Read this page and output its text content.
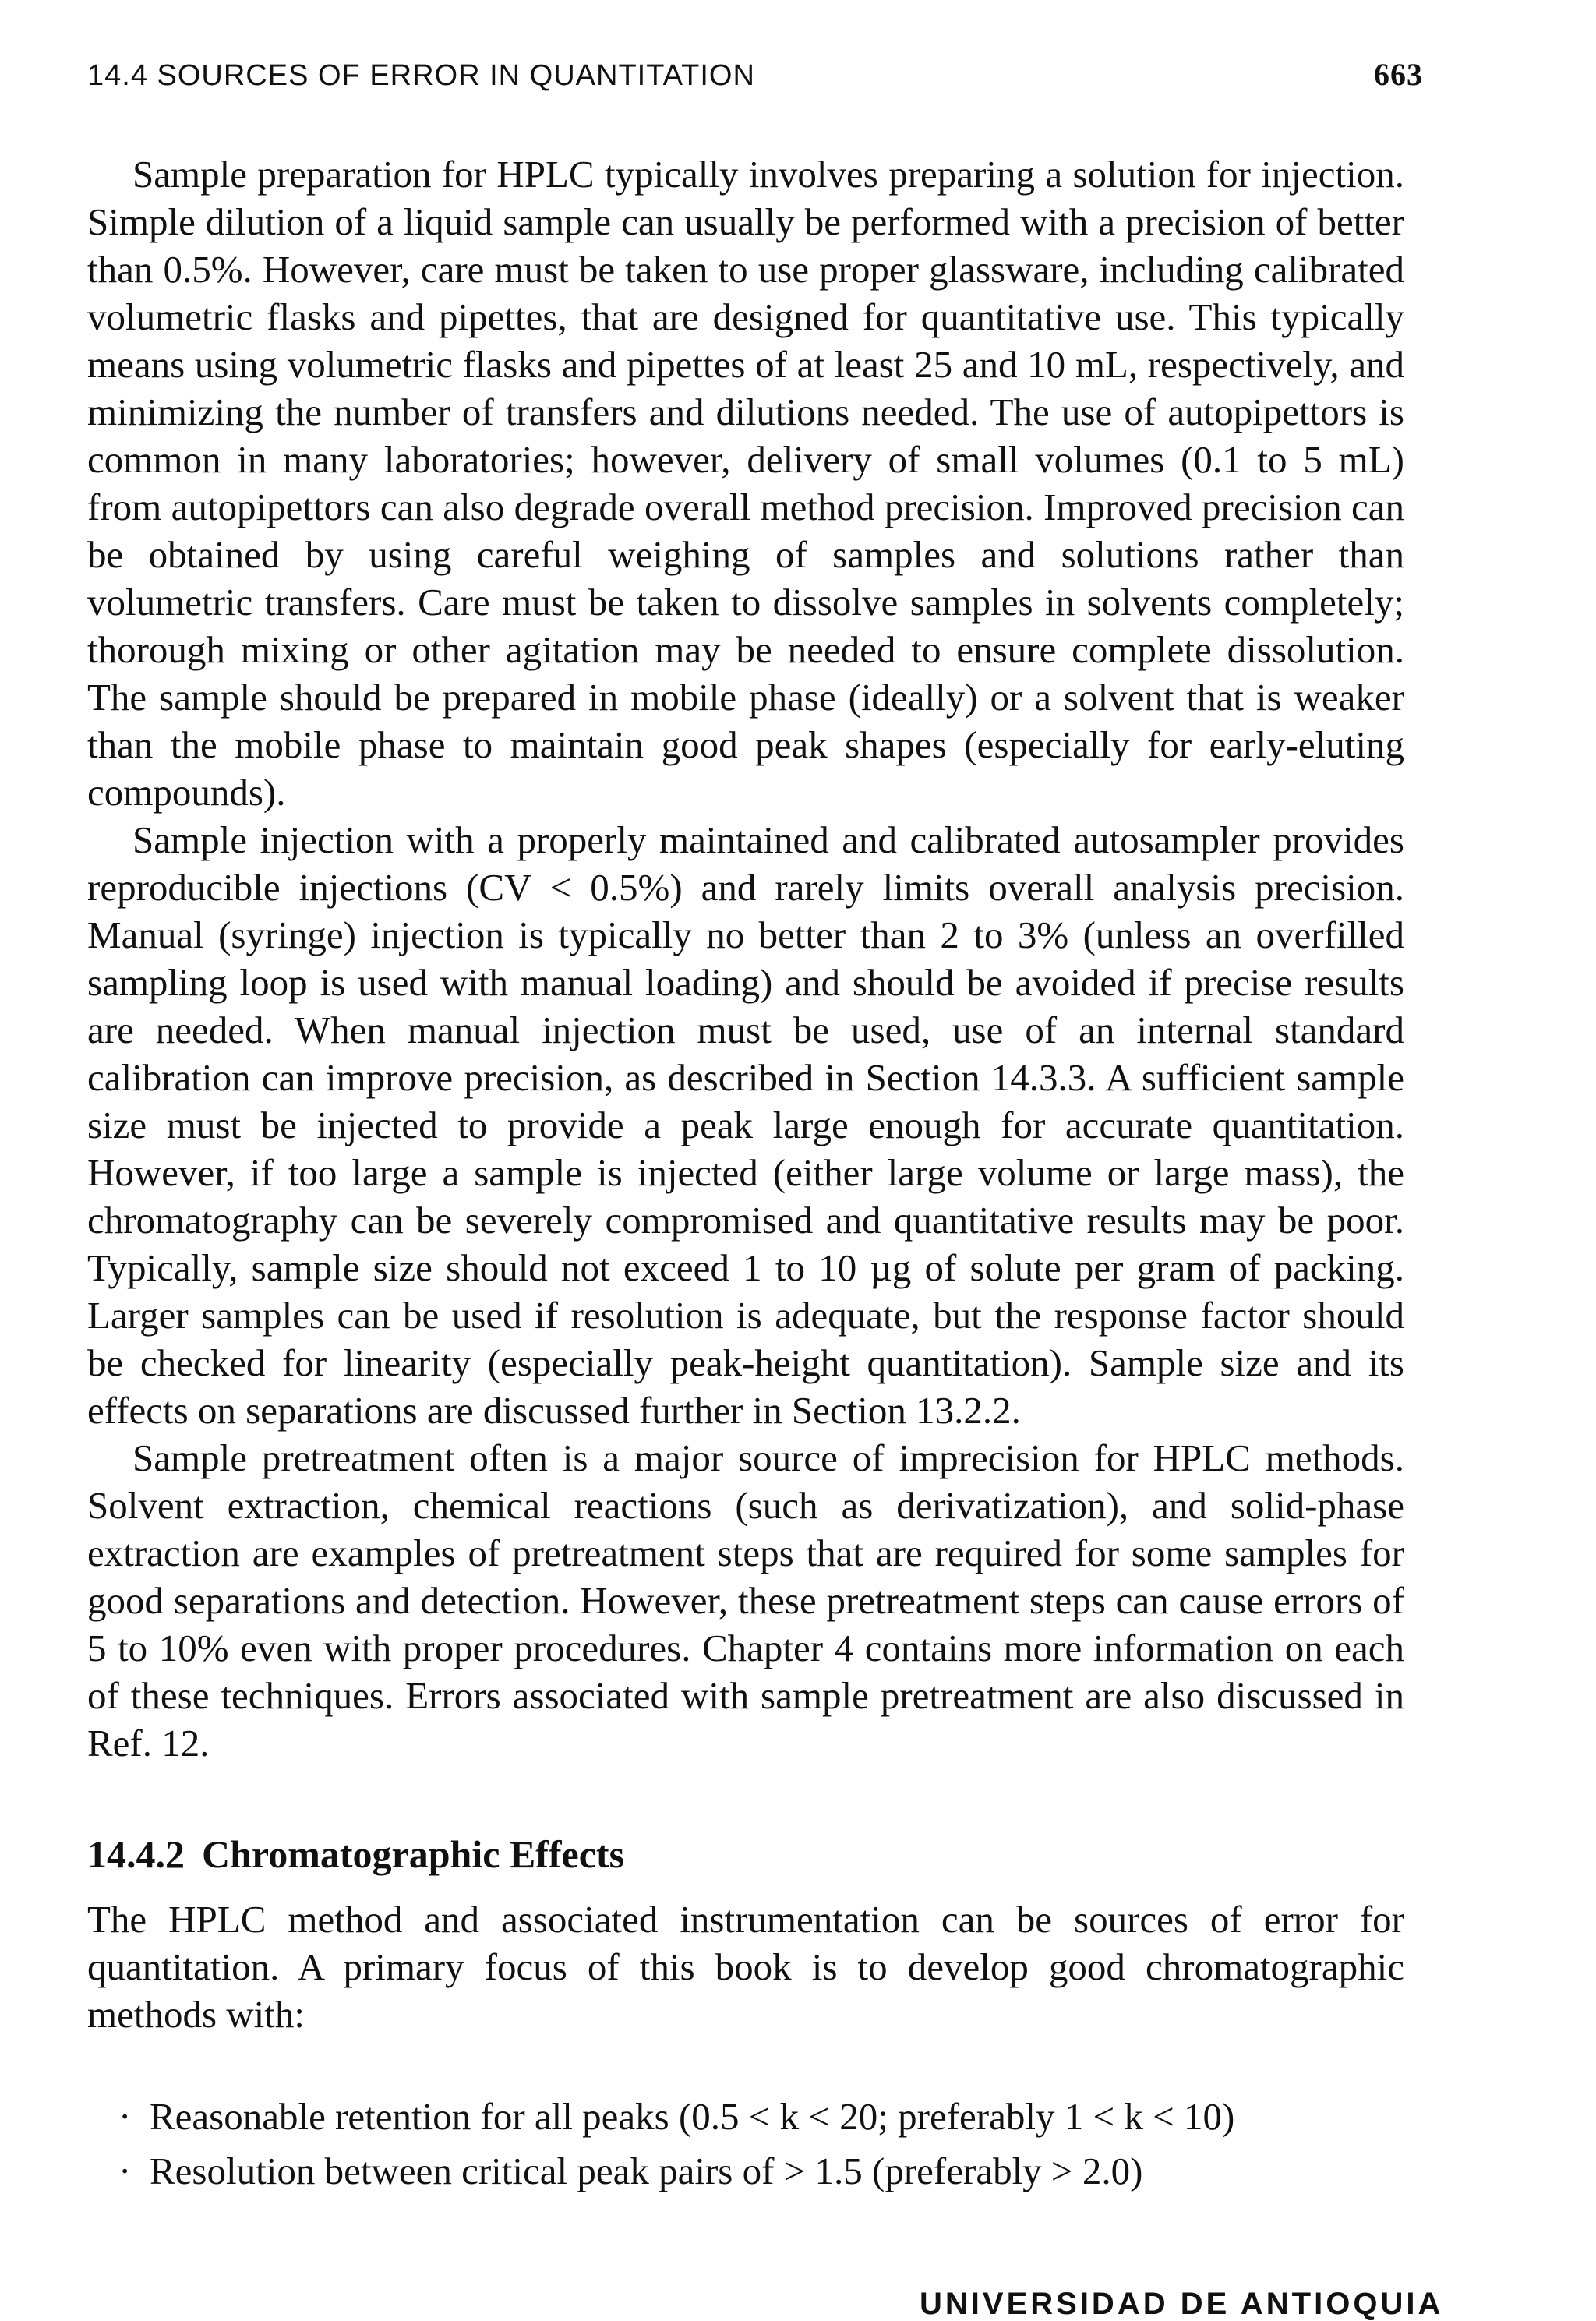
14.4 SOURCES OF ERROR IN QUANTITATION	663

Sample preparation for HPLC typically involves preparing a solution for injection. Simple dilution of a liquid sample can usually be performed with a precision of better than 0.5%. However, care must be taken to use proper glassware, including calibrated volumetric flasks and pipettes, that are designed for quantitative use. This typically means using volumetric flasks and pipettes of at least 25 and 10 mL, respectively, and minimizing the number of transfers and dilutions needed. The use of autopipettors is common in many laboratories; however, delivery of small volumes (0.1 to 5 mL) from autopipettors can also degrade overall method precision. Improved precision can be obtained by using careful weighing of samples and solutions rather than volumetric transfers. Care must be taken to dissolve samples in solvents completely; thorough mixing or other agitation may be needed to ensure complete dissolution. The sample should be prepared in mobile phase (ideally) or a solvent that is weaker than the mobile phase to maintain good peak shapes (especially for early-eluting compounds).

Sample injection with a properly maintained and calibrated autosampler provides reproducible injections (CV < 0.5%) and rarely limits overall analysis precision. Manual (syringe) injection is typically no better than 2 to 3% (unless an overfilled sampling loop is used with manual loading) and should be avoided if precise results are needed. When manual injection must be used, use of an internal standard calibration can improve precision, as described in Section 14.3.3. A sufficient sample size must be injected to provide a peak large enough for accurate quantitation. However, if too large a sample is injected (either large volume or large mass), the chromatography can be severely compromised and quantitative results may be poor. Typically, sample size should not exceed 1 to 10 µg of solute per gram of packing. Larger samples can be used if resolution is adequate, but the response factor should be checked for linearity (especially peak-height quantitation). Sample size and its effects on separations are discussed further in Section 13.2.2.

Sample pretreatment often is a major source of imprecision for HPLC methods. Solvent extraction, chemical reactions (such as derivatization), and solid-phase extraction are examples of pretreatment steps that are required for some samples for good separations and detection. However, these pretreatment steps can cause errors of 5 to 10% even with proper procedures. Chapter 4 contains more information on each of these techniques. Errors associated with sample pretreatment are also discussed in Ref. 12.

14.4.2 Chromatographic Effects

The HPLC method and associated instrumentation can be sources of error for quantitation. A primary focus of this book is to develop good chromatographic methods with:

· Reasonable retention for all peaks (0.5 < k < 20; preferably 1 < k < 10)
· Resolution between critical peak pairs of > 1.5 (preferably > 2.0)
UNIVERSIDAD DE ANTIOQUIA
